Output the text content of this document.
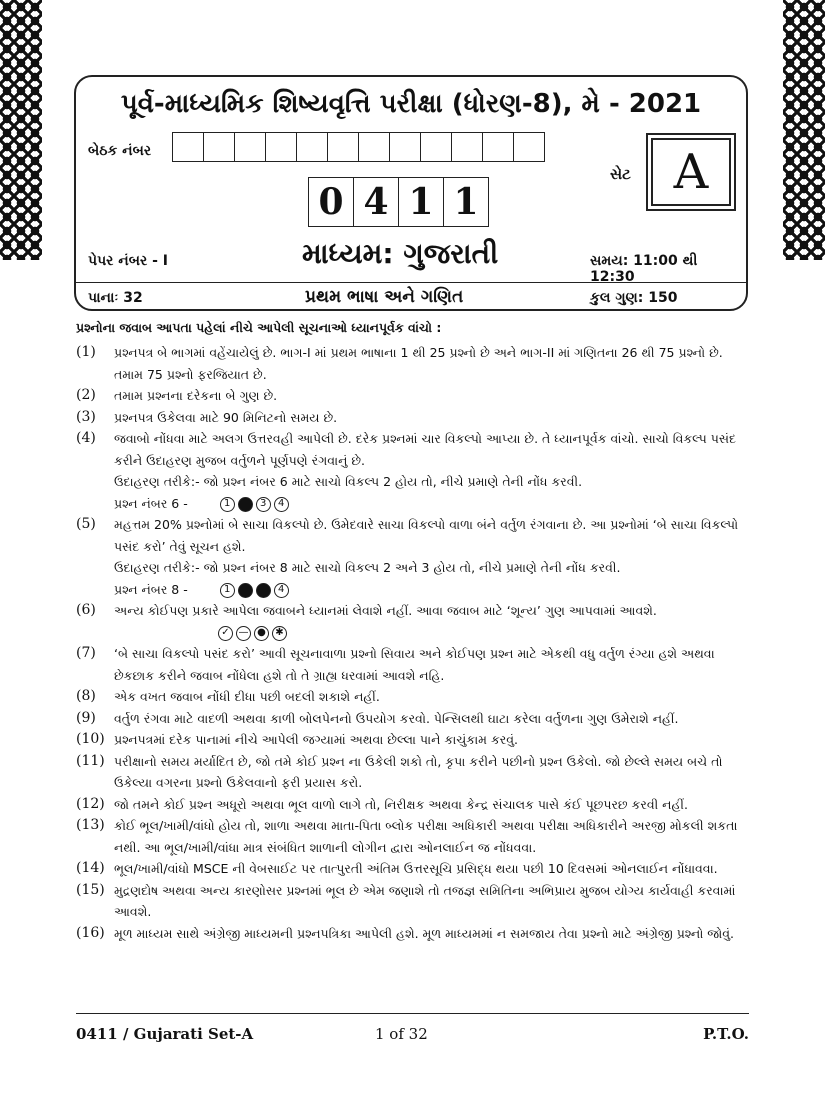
પૂર્વ-માધ્યમિક શિષ્યવૃત્તિ પરીક્ષા (ધોરણ-8), મે - 2021
બેઠક નંબર
સેટ A
0 4 1 1
પેપર નંબર - I	માધ્યમ: ગુજરાતી	સમય: 11:00 થી 12:30
પાનાઃ 32	પ્રથમ ભાષા અને ગણિત	કુલ ગુણ: 150
પ્રશ્નોના જવાબ આપતા પહેલાં નીચે આપેલી સૂચનાઓ ધ્યાનપૂર્વક વાંચો :
(1) પ્રશ્નપત્ર બે ભાગમાં વહેંચાયેલું છે. ભાગ-I માં પ્રથમ ભાષાના 1 થી 25 પ્રશ્નો છે અને ભાગ-II માં ગણિતના 26 થી 75 પ્રશ્નો છે. તમામ 75 પ્રશ્નો ફરજિયાત છે.
(2) તમામ પ્રશ્નના દરેકના બે ગુણ છે.
(3) પ્રશ્નપત્ર ઉકેલવા માટે 90 મિનિટનો સમય છે.
(4) જવાબો નોંધવા માટે અલગ ઉત્તરવહી આપેલી છે. દરેક પ્રશ્નમાં ચાર વિકલ્પો આપ્યા છે. તે ધ્યાનપૂર્વક વાંચો. સાચો વિકલ્પ પસંદ કરીને ઉદાહરણ મુજબ વર્તુળને પૂર્ણપણે રંગવાનું છે.
ઉદાહરણ તરીકે:- જો પ્રશ્ન નંબર 6 માટે સાચો વિકલ્પ 2 હોય તો, નીચે પ્રમાણે તેની નોંધ કરવી.
પ્રશ્ન નંબર 6 -	1	3	4
(5) મહત્તમ 20% પ્રશ્નોમાં બે સાચા વિકલ્પો છે. ઉમેદવારે સાચા વિકલ્પો વાળા બંને વર્તુળ રંગવાના છે. આ પ્રશ્નોમાં ‘બે સાચા વિકલ્પો પસંદ કરો’ તેવું સૂચન હશે.
ઉદાહરણ તરીકે:- જો પ્રશ્ન નંબર 8 માટે સાચો વિકલ્પ 2 અને 3 હોય તો, નીચે પ્રમાણે તેની નોંધ કરવી.
પ્રશ્ન નંબર 8 -	1	4
(6) અન્ય કોઈપણ પ્રકારે આપેલા જવાબને ધ્યાનમાં લેવાશે નહીં. આવા જવાબ માટે ‘શૂન્ય’ ગુણ આપવામાં આવશે.
✓ — ● ✱
(7) ‘બે સાચા વિકલ્પો પસંદ કરો’ આવી સૂચનાવાળા પ્રશ્નો સિવાય અને કોઈપણ પ્રશ્ન માટે એકથી વધુ વર્તુળ રંગ્યા હશે અથવા છેકછાક કરીને જવાબ નોંધેલા હશે તો તે ગ્રાહ્ય ધરવામાં આવશે નહિ.
(8) એક વખત જવાબ નોંધી દીધા પછી બદલી શકાશે નહીં.
(9) વર્તુળ રંગવા માટે વાદળી અથવા કાળી બોલપેનનો ઉપયોગ કરવો. પેન્સિલથી ઘાટા કરેલા વર્તુળના ગુણ ઉમેરાશે નહીં.
(10) પ્રશ્નપત્રમાં દરેક પાનામાં નીચે આપેલી જગ્યામાં અથવા છેલ્લા પાને કાચુંકામ કરવું.
(11) પરીક્ષાનો સમય મર્યાદિત છે, જો તમે કોઈ પ્રશ્ન ના ઉકેલી શકો તો, કૃપા કરીને પછીનો પ્રશ્ન ઉકેલો. જો છેલ્લે સમય બચે તો ઉકેલ્યા વગરના પ્રશ્નો ઉકેલવાનો ફરી પ્રયાસ કરો.
(12) જો તમને કોઈ પ્રશ્ન અધૂરો અથવા ભૂલ વાળો લાગે તો, નિરીક્ષક અથવા કેન્દ્ર સંચાલક પાસે કંઈ પૂછપરછ કરવી નહીં.
(13) કોઈ ભૂલ/ખામી/વાંધો હોય તો, શાળા અથવા માતા-પિતા બ્લોક પરીક્ષા અધિકારી અથવા પરીક્ષા અધિકારીને અરજી મોકલી શકતા નથી. આ ભૂલ/ખામી/વાંધા માત્ર સંબંધિત શાળાની લોગીન દ્વારા ઓનલાઈન જ નોંધવવા.
(14) ભૂલ/ખામી/વાંધો MSCE ની વેબસાઈટ પર તાત્પુરતી અંતિમ ઉત્તરસૂચિ પ્રસિદ્ધ થયા પછી 10 દિવસમાં ઓનલાઈન નોંધાવવા.
(15) મુદ્રણદોષ અથવા અન્ય કારણોસર પ્રશ્નમાં ભૂલ છે એમ જણાશે તો તજજ્ઞ સમિતિના અભિપ્રાય મુજબ યોગ્ય કાર્યવાહી કરવામાં આવશે.
(16) મૂળ માધ્યમ સાથે અંગ્રેજી માધ્યમની પ્રશ્નપત્રિકા આપેલી હશે. મૂળ માધ્યમમાં ન સમજાય તેવા પ્રશ્નો માટે અંગ્રેજી પ્રશ્નો જોવું.
0411 / Gujarati Set-A	1 of 32	P.T.O.
